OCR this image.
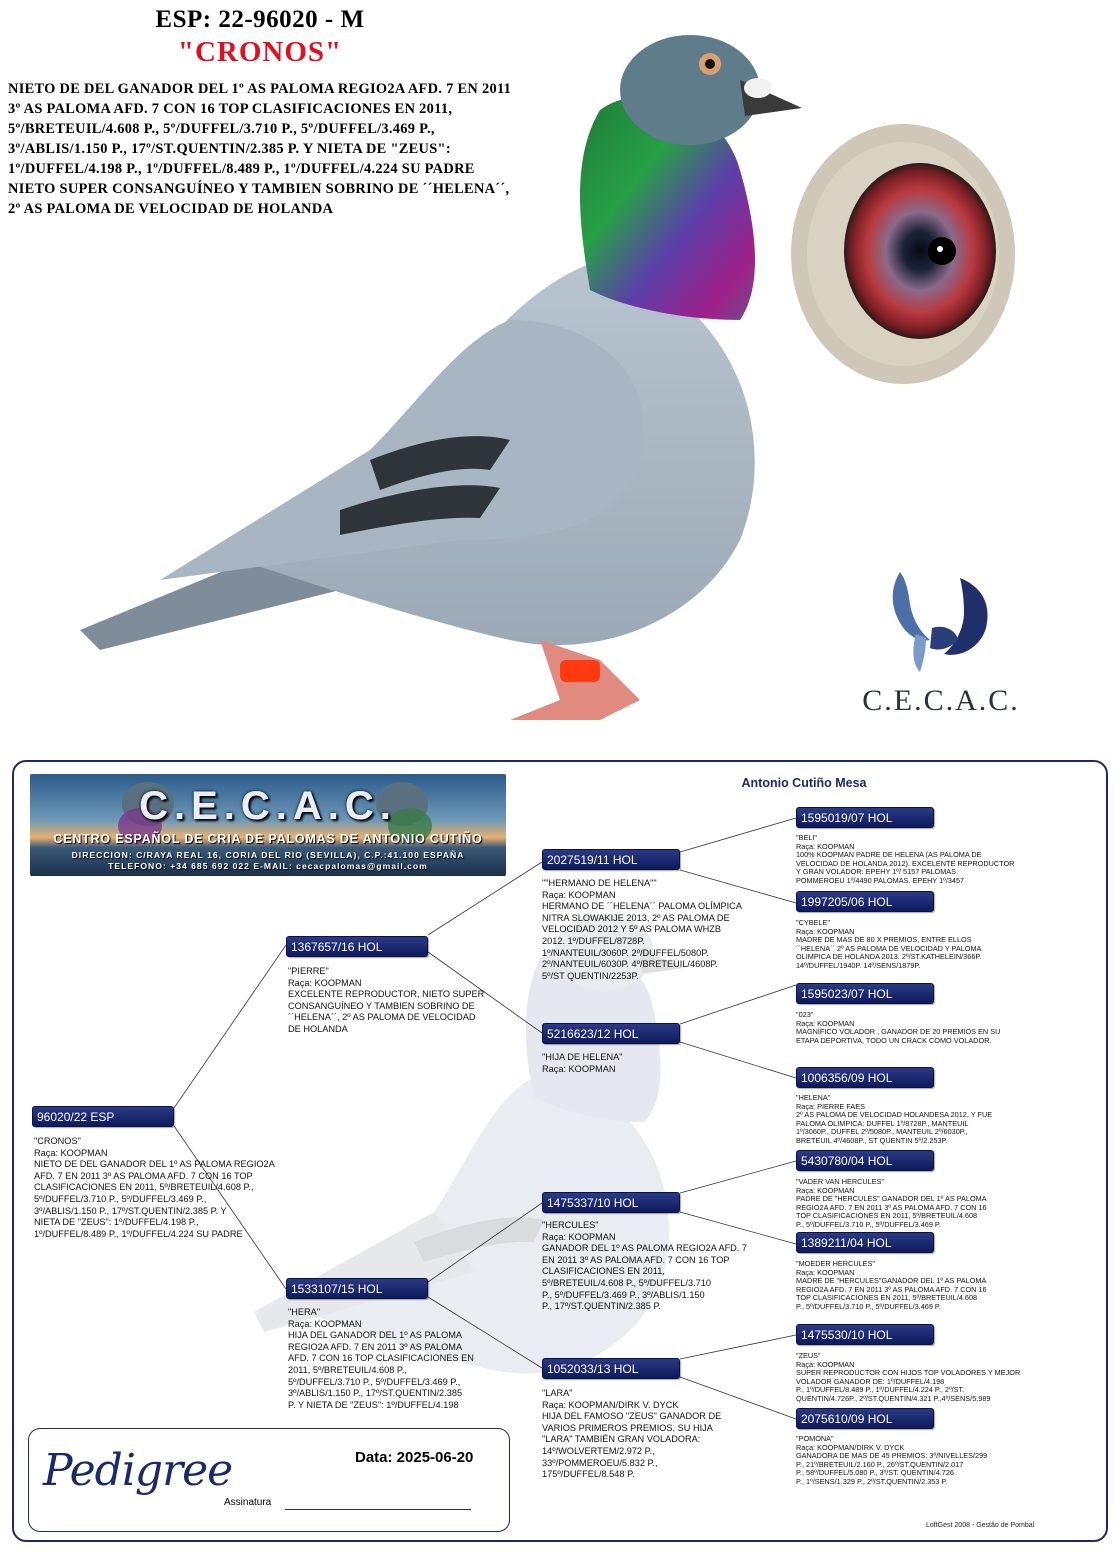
ESP: 22-96020 - M
"CRONOS"
NIETO DE DEL GANADOR DEL 1º AS PALOMA REGIO2A AFD. 7 EN 2011 3º AS PALOMA AFD. 7 CON 16 TOP CLASIFICACIONES EN 2011, 5º/BRETEUIL/4.608 P., 5º/DUFFEL/3.710 P., 5º/DUFFEL/3.469 P., 3º/ABLIS/1.150 P., 17º/ST.QUENTIN/2.385 P. Y NIETA DE "ZEUS": 1º/DUFFEL/4.198 P., 1º/DUFFEL/8.489 P., 1º/DUFFEL/4.224 SU PADRE NIETO SUPER CONSANGUÍNEO Y TAMBIEN SOBRINO DE ´´HELENA´´, 2º AS PALOMA DE VELOCIDAD DE HOLANDA
C.E.C.A.C.
C.E.C.A.C.
CENTRO ESPAÑOL DE CRIA DE PALOMAS DE ANTONIO CUTIÑO
DIRECCION: C/RAYA REAL 16, CORIA DEL RIO (SEVILLA), C.P.:41.100 ESPAÑA
TELEFONO: +34 685 692 022 E-MAIL: cecacpalomas@gmail.com
Antonio Cutiño Mesa
96020/22 ESP
"CRONOS"
Raça: KOOPMAN
NIETO DE DEL GANADOR DEL 1º AS PALOMA REGIO2A
AFD. 7 EN 2011 3º AS PALOMA AFD. 7 CON 16 TOP
CLASIFICACIONES EN 2011, 5º/BRETEUIL/4.608 P.,
5º/DUFFEL/3.710 P., 5º/DUFFEL/3.469 P.,
3º/ABLIS/1.150 P., 17º/ST.QUENTIN/2.385 P. Y
NIETA DE "ZEUS": 1º/DUFFEL/4.198 P.,
1º/DUFFEL/8.489 P., 1º/DUFFEL/4.224 SU PADRE
1367657/16 HOL
"PIERRE"
Raça: KOOPMAN
EXCELENTE REPRODUCTOR, NIETO SUPER
CONSANGUÍNEO Y TAMBIEN SOBRINO DE
´´HELENA´´, 2º AS PALOMA DE VELOCIDAD
DE HOLANDA
1533107/15 HOL
"HERA"
Raça: KOOPMAN
HIJA DEL GANADOR DEL 1º AS PALOMA
REGIO2A AFD. 7 EN 2011 3º AS PALOMA
AFD. 7 CON 16 TOP CLASIFICACIONES EN
2011, 5º/BRETEUIL/4.608 P.,
5º/DUFFEL/3.710 P., 5º/DUFFEL/3.469 P.,
3º/ABLIS/1.150 P., 17º/ST.QUENTIN/2.385
P. Y NIETA DE "ZEUS": 1º/DUFFEL/4.198
2027519/11 HOL
""HERMANO DE HELENA""
Raça: KOOPMAN
HERMANO DE ´´HELENA´´ PALOMA OLÍMPICA
NITRA SLOWAKIJE 2013, 2º AS PALOMA DE
VELOCIDAD 2012 Y 5º AS PALOMA WHZB
2012. 1º/DUFFEL/8728P.
1º/NANTEUIL/3060P. 2º/DUFFEL/5080P.
2º/NANTEUIL/6030P. 4º/BRETEUIL/4608P.
5º/ST QUENTIN/2253P.
5216623/12 HOL
"HIJA DE HELENA"
Raça: KOOPMAN
1475337/10 HOL
"HERCULES"
Raça: KOOPMAN
GANADOR DEL 1º AS PALOMA REGIO2A AFD. 7
EN 2011 3º AS PALOMA AFD. 7 CON 16 TOP
CLASIFICACIONES EN 2011,
5º/BRETEUIL/4.608 P., 5º/DUFFEL/3.710
P., 5º/DUFFEL/3.469 P., 3º/ABLIS/1.150
P., 17º/ST.QUENTIN/2.385 P.
1052033/13 HOL
"LARA"
Raça: KOOPMAN/DIRK V. DYCK
HIJA DEL FAMOSO "ZEUS" GANADOR DE
VARIOS PRIMEROS PREMIOS, SU HIJA
"LARA" TAMBIÉN GRAN VOLADORA:
14º/WOLVERTEM/2.972 P.,
33º/POMMEROEU/5.832 P.,
175º/DUFFEL/8.548 P.
1595019/07 HOL
"BELI"
Raça: KOOPMAN
100% KOOPMAN PADRE DE HELENA (AS PALOMA DE
VELOCIDAD DE HOLANDA 2012). EXCELENTE REPRODUCTOR
Y GRAN VOLADOR: EPEHY 1º/ 5157 PALOMAS.
POMMEROEU 1º/4490 PALOMAS. EPEHY 1º/3457
1997205/06 HOL
"CYBELE"
Raça: KOOPMAN
MADRE DE MAS DE 80 X PREMIOS, ENTRE ELLOS
´´HELENA´´ 2º AS PALOMA DE VELOCIDAD Y PALOMA
OLIMPICA DE HOLANDA 2013. 2º/ST.KATHELEIN/366P.
14º/DUFFEL/1940P. 14º/SENS/1879P.
1595023/07 HOL
"023"
Raça: KOOPMAN
MAGNÍFICO VOLADOR , GANADOR DE 20 PREMIOS EN SU
ETAPA DEPORTIVA, TODO UN CRACK COMO VOLADOR.
1006356/09 HOL
"HELENA"
Raça: PIERRE FAES
2º AS PALOMA DE VELOCIDAD HOLANDESA 2012, Y FUE
PALOMA OLIMPICA: DUFFEL 1º/8728P., MANTEUIL
1º/3060P., DUFFEL 2º/5080P., MANTEUIL 2º/6030P.,
BRETEUIL 4º/4608P., ST QUENTIN 5º/2.253P.
5430780/04 HOL
"VADER VAN HERCULES"
Raça: KOOPMAN
PADRE DE "HERCULES" GANADOR DEL 1º AS PALOMA
REGIO2A AFD. 7 EN 2011 3º AS PALOMA AFD. 7 CON 16
TOP CLASIFICACIONES EN 2011, 5º/BRETEUIL/4.608
P., 5º/DUFFEL/3.710 P., 5º/DUFFEL/3.469 P.
1389211/04 HOL
"MOEDER HERCULES"
Raça: KOOPMAN
MADRE DE "HERCULES"GANADOR DEL 1º AS PALOMA
REGIO2A AFD. 7 EN 2011 3º AS PALOMA AFD. 7 CON 16
TOP CLASIFICACIONES EN 2011, 5º/BRETEUIL/4.608
P., 5º/DUFFEL/3.710 P., 5º/DUFFEL/3.469 P.
1475530/10 HOL
"ZEUS"
Raça: KOOPMAN
SUPER REPRODUCTOR CON HIJOS TOP VOLADORES Y MEJOR
VOLADOR GANADOR DE: 1º/DUFFEL/4.198
P., 1º/DUFFEL/8.489 P., 1º/DUFFEL/4.224 P., 2º/ST.
QUENTIN/4.726P., 2º/ST.QUENTIN/4.321 P.,4º/SENS/5.989
2075610/09 HOL
"POMONA"
Raça: KOOPMAN/DIRK V. DYCK
GANADORA DE MAS DE 45 PREMIOS: 3º/NIVELLES/299
P., 21º/BRETEUIL/2.160 P., 26º/ST.QUENTIN/2.017
P., 58º/DUFFEL/5.080 P., 3º/ST. QUENTIN/4.726
P., 1º/SENS/1.329 P., 2º/ST.QUENTIN/2.353 P.
Pedigree	Data: 2025-06-20
Assinatura
LoftGest 2008 - Gestão de Pombal
